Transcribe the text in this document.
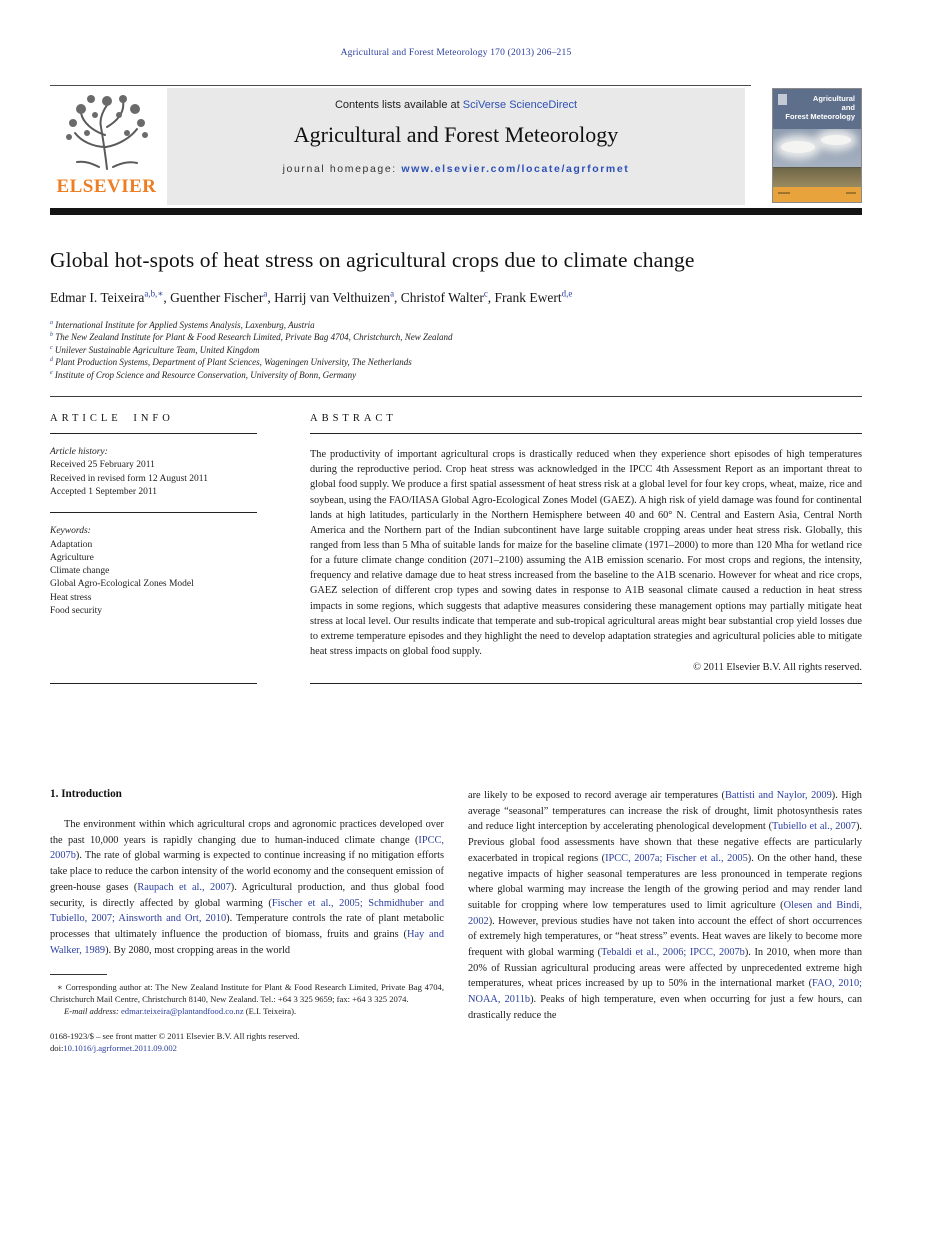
Agricultural and Forest Meteorology 170 (2013) 206–215
ELSEVIER
Contents lists available at SciVerse ScienceDirect
Agricultural and Forest Meteorology
journal homepage: www.elsevier.com/locate/agrformet
Agricultural
and
Forest Meteorology
Global hot-spots of heat stress on agricultural crops due to climate change
Edmar I. Teixeira$^{a,b,∗}$, Guenther Fischer$^a$, Harrij van Velthuizen$^a$, Christof Walter$^c$, Frank Ewert$^{d,e}$
$^a$ International Institute for Applied Systems Analysis, Laxenburg, Austria
$^b$ The New Zealand Institute for Plant & Food Research Limited, Private Bag 4704, Christchurch, New Zealand
$^c$ Unilever Sustainable Agriculture Team, United Kingdom
$^d$ Plant Production Systems, Department of Plant Sciences, Wageningen University, The Netherlands
$^e$ Institute of Crop Science and Resource Conservation, University of Bonn, Germany
ARTICLE INFO
Article history:
Received 25 February 2011
Received in revised form 12 August 2011
Accepted 1 September 2011
Keywords:
Adaptation
Agriculture
Climate change
Global Agro-Ecological Zones Model
Heat stress
Food security
ABSTRACT

The productivity of important agricultural crops is drastically reduced when they experience short episodes of high temperatures during the reproductive period. Crop heat stress was acknowledged in the IPCC 4th Assessment Report as an important threat to global food supply. We produce a first spatial assessment of heat stress risk at a global level for four key crops, wheat, maize, rice and soybean, using the FAO/IIASA Global Agro-Ecological Zones Model (GAEZ). A high risk of yield damage was found for continental lands at high latitudes, particularly in the Northern Hemisphere between 40 and 60° N. Central and Eastern Asia, Central North America and the Northern part of the Indian subcontinent have large suitable cropping areas under heat stress risk. Globally, this ranged from less than 5 Mha of suitable lands for maize for the baseline climate (1971–2000) to more than 120 Mha for wetland rice for a future climate change condition (2071–2100) assuming the A1B emission scenario. For most crops and regions, the intensity, frequency and relative damage due to heat stress increased from the baseline to the A1B scenario. However for wheat and rice crops, GAEZ selection of different crop types and sowing dates in response to A1B seasonal climate caused a reduction in heat stress impacts in some regions, which suggests that adaptive measures considering these management options may partially mitigate heat stress at local level. Our results indicate that temperate and sub-tropical agricultural areas might bear substantial crop yield losses due to extreme temperature episodes and they highlight the need to develop adaptation strategies and agricultural policies able to mitigate heat stress impacts on global food supply.

© 2011 Elsevier B.V. All rights reserved.
1. Introduction

The environment within which agricultural crops and agronomic practices developed over the past 10,000 years is rapidly changing due to human-induced climate change (IPCC, 2007b). The rate of global warming is expected to continue increasing if no mitigation efforts take place to reduce the carbon intensity of the world economy and the consequent emission of green-house gases (Raupach et al., 2007). Agricultural production, and thus global food security, is directly affected by global warming (Fischer et al., 2005; Schmidhuber and Tubiello, 2007; Ainsworth and Ort, 2010). Temperature controls the rate of plant metabolic processes that ultimately influence the production of biomass, fruits and grains (Hay and Walker, 1989). By 2080, most cropping areas in the world

∗ Corresponding author at: The New Zealand Institute for Plant & Food Research Limited, Private Bag 4704, Christchurch Mail Centre, Christchurch 8140, New Zealand. Tel.: +64 3 325 9659; fax: +64 3 325 2074.

E-mail address: edmar.teixeira@plantandfood.co.nz (E.I. Teixeira).

0168-1923/$ – see front matter © 2011 Elsevier B.V. All rights reserved.

doi:10.1016/j.agrformet.2011.09.002

are likely to be exposed to record average air temperatures (Battisti and Naylor, 2009). High average “seasonal” temperatures can increase the risk of drought, limit photosynthesis rates and reduce light interception by accelerating phenological development (Tubiello et al., 2007). Previous global food assessments have shown that these negative effects are particularly exacerbated in tropical regions (IPCC, 2007a; Fischer et al., 2005). On the other hand, these negative impacts of higher seasonal temperatures are less pronounced in temperate regions where global warming may increase the length of the growing period and may render land suitable for cropping where low temperatures used to limit agriculture (Olesen and Bindi, 2002). However, previous studies have not taken into account the effect of short occurrences of extremely high temperatures, or “heat stress” events. Heat waves are likely to become more frequent with global warming (Tebaldi et al., 2006; IPCC, 2007b). In 2010, when more than 20% of Russian agricultural producing areas were affected by unprecedented extreme high temperatures, wheat prices increased by up to 50% in the international market (FAO, 2010; NOAA, 2011b). Peaks of high temperature, even when occurring for just a few hours, can drastically reduce the
